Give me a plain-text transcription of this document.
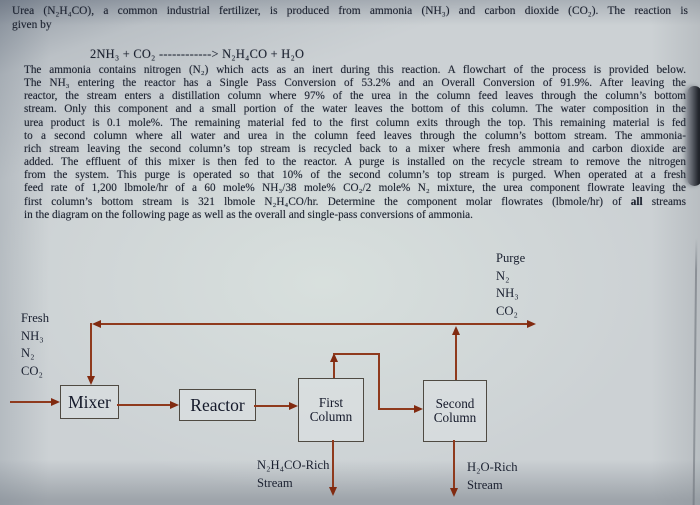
Urea (N₂H₄CO), a common industrial fertilizer, is produced from ammonia (NH₃) and carbon dioxide (CO₂). The reaction is
given by
2NH₃ + CO₂ ------------> N₂H₄CO + H₂O
The ammonia contains nitrogen (N₂) which acts as an inert during this reaction. A flowchart of the process is provided below.
The NH₃ entering the reactor has a Single Pass Conversion of 53.2% and an Overall Conversion of 91.9%. After leaving the
reactor, the stream enters a distillation column where 97% of the urea in the column feed leaves through the column’s bottom
stream. Only this component and a small portion of the water leaves the bottom of this column. The water composition in the
urea product is 0.1 mole%. The remaining material fed to the first column exits through the top. This remaining material is fed
to a second column where all water and urea in the column feed leaves through the column’s bottom stream. The ammonia-
rich stream leaving the second column’s top stream is recycled back to a mixer where fresh ammonia and carbon dioxide are
added. The effluent of this mixer is then fed to the reactor. A purge is installed on the recycle stream to remove the nitrogen
from the system. This purge is operated so that 10% of the second column’s top stream is purged. When operated at a fresh
feed rate of 1,200 lbmole/hr of a 60 mole% NH₃/38 mole% CO₂/2 mole% N₂ mixture, the urea component flowrate leaving the
first column’s bottom stream is 321 lbmole N₂H₄CO/hr. Determine the component molar flowrates (lbmole/hr) of all streams
in the diagram on the following page as well as the overall and single-pass conversions of ammonia.
Fresh
NH₃
N₂
CO₂
Purge
N₂
NH₃
CO₂
N₂H₄CO-Rich
Stream
H₂O-Rich
Stream
Mixer	Reactor	First
Column
Second
Column
